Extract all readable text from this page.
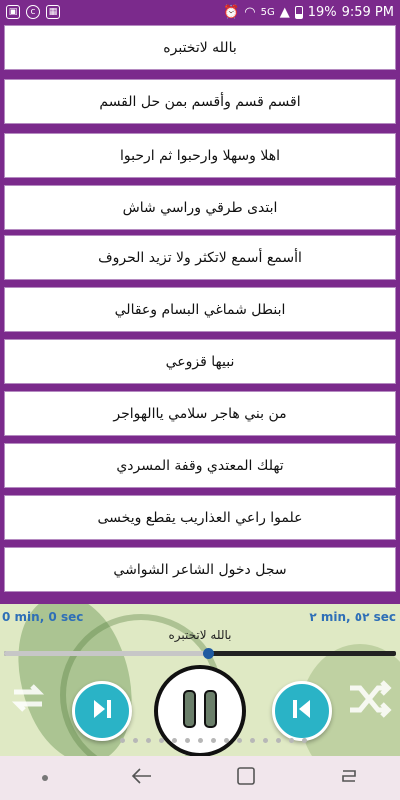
▣	c	▦	⏰ ◠ 5G ▲ 19% 9:59 PM
بالله لاتختبره
اقسم قسم وأقسم بمن حل القسم
اهلا وسهلا وارحبوا ثم ارحبوا
ابتدى طرقي وراسي شاش
اأسمع أسمع لاتكثر ولا تزيد الحروف
ابنطل شماغي البسام وعقالي
نبيها قزوعي
من بني هاجر سلامي ياالهواجر
تهلك المعتدي وقفة المسردي
علموا راعي العذاريب يقطع ويخسى
سجل دخول الشاعر الشواشي
0 min, 0 sec	٢ min, ٥٢ sec
بالله لاتختبره
